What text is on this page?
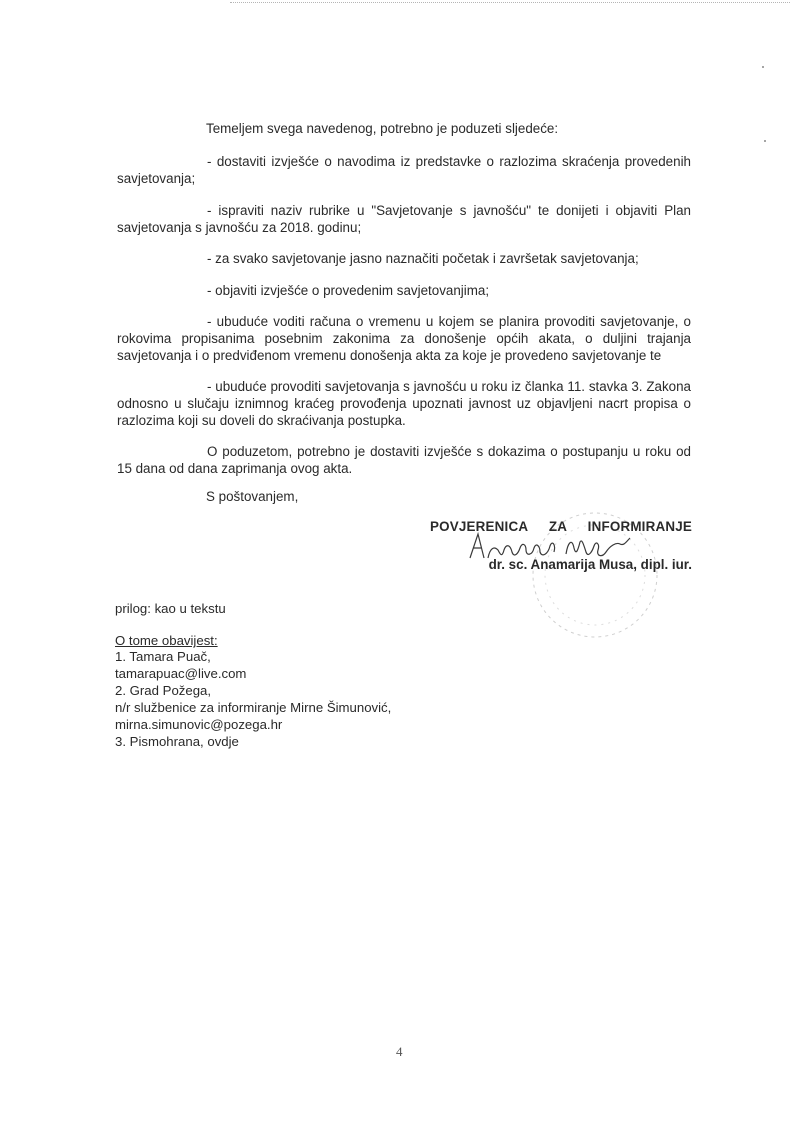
Temeljem svega navedenog, potrebno je poduzeti sljedeće:

- dostaviti izvješće o navodima iz predstavke o razlozima skraćenja provedenih savjetovanja;

- ispraviti naziv rubrike u "Savjetovanje s javnošću" te donijeti i objaviti Plan savjetovanja s javnošću za 2018. godinu;

- za svako savjetovanje jasno naznačiti početak i završetak savjetovanja;

- objaviti izvješće o provedenim savjetovanjima;

- ubuduće voditi računa o vremenu u kojem se planira provoditi savjetovanje, o rokovima propisanima posebnim zakonima za donošenje općih akata, o duljini trajanja savjetovanja i o predviđenom vremenu donošenja akta za koje je provedeno savjetovanje te

- ubuduće provoditi savjetovanja s javnošću u roku iz članka 11. stavka 3. Zakona odnosno u slučaju iznimnog kraćeg provođenja upoznati javnost uz objavljeni nacrt propisa o razlozima koji su doveli do skraćivanja postupka.

O poduzetom, potrebno je dostaviti izvješće s dokazima o postupanju u roku od 15 dana od dana zaprimanja ovog akta.

S poštovanjem,

POVJERENICA ZA INFORMIRANJE
dr. sc. Anamarija Musa, dipl. iur.
prilog: kao u tekstu
O tome obavijest:
1. Tamara Puač,
tamarapuac@live.com
2. Grad Požega,
n/r službenice za informiranje Mirne Šimunović,
mirna.simunovic@pozega.hr
3. Pismohrana, ovdje
4
